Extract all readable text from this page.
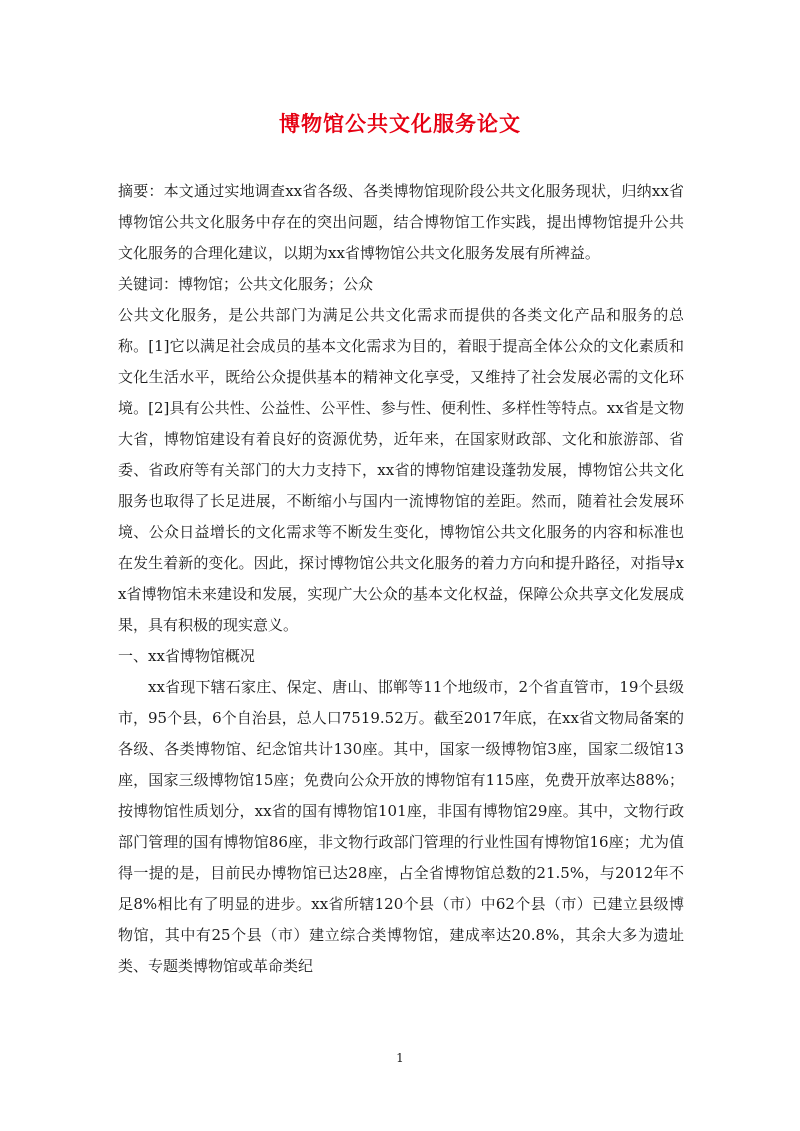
博物馆公共文化服务论文

摘要：本文通过实地调查xx省各级、各类博物馆现阶段公共文化服务现状，归纳xx省博物馆公共文化服务中存在的突出问题，结合博物馆工作实践，提出博物馆提升公共文化服务的合理化建议，以期为xx省博物馆公共文化服务发展有所裨益。

关键词：博物馆；公共文化服务；公众

公共文化服务，是公共部门为满足公共文化需求而提供的各类文化产品和服务的总称。[1]它以满足社会成员的基本文化需求为目的，着眼于提高全体公众的文化素质和文化生活水平，既给公众提供基本的精神文化享受，又维持了社会发展必需的文化环境。[2]具有公共性、公益性、公平性、参与性、便利性、多样性等特点。xx省是文物大省，博物馆建设有着良好的资源优势，近年来，在国家财政部、文化和旅游部、省委、省政府等有关部门的大力支持下，xx省的博物馆建设蓬勃发展，博物馆公共文化服务也取得了长足进展，不断缩小与国内一流博物馆的差距。然而，随着社会发展环境、公众日益增长的文化需求等不断发生变化，博物馆公共文化服务的内容和标准也在发生着新的变化。因此，探讨博物馆公共文化服务的着力方向和提升路径，对指导xx省博物馆未来建设和发展，实现广大公众的基本文化权益，保障公众共享文化发展成果，具有积极的现实意义。

一、xx省博物馆概况

xx省现下辖石家庄、保定、唐山、邯郸等11个地级市，2个省直管市，19个县级市，95个县，6个自治县，总人口7519.52万。截至2017年底，在xx省文物局备案的各级、各类博物馆、纪念馆共计130座。其中，国家一级博物馆3座，国家二级馆13座，国家三级博物馆15座；免费向公众开放的博物馆有115座，免费开放率达88%；按博物馆性质划分，xx省的国有博物馆101座，非国有博物馆29座。其中，文物行政部门管理的国有博物馆86座，非文物行政部门管理的行业性国有博物馆16座；尤为值得一提的是，目前民办博物馆已达28座，占全省博物馆总数的21.5%，与2012年不足8%相比有了明显的进步。xx省所辖120个县（市）中62个县（市）已建立县级博物馆，其中有25个县（市）建立综合类博物馆，建成率达20.8%，其余大多为遗址类、专题类博物馆或革命类纪

1
